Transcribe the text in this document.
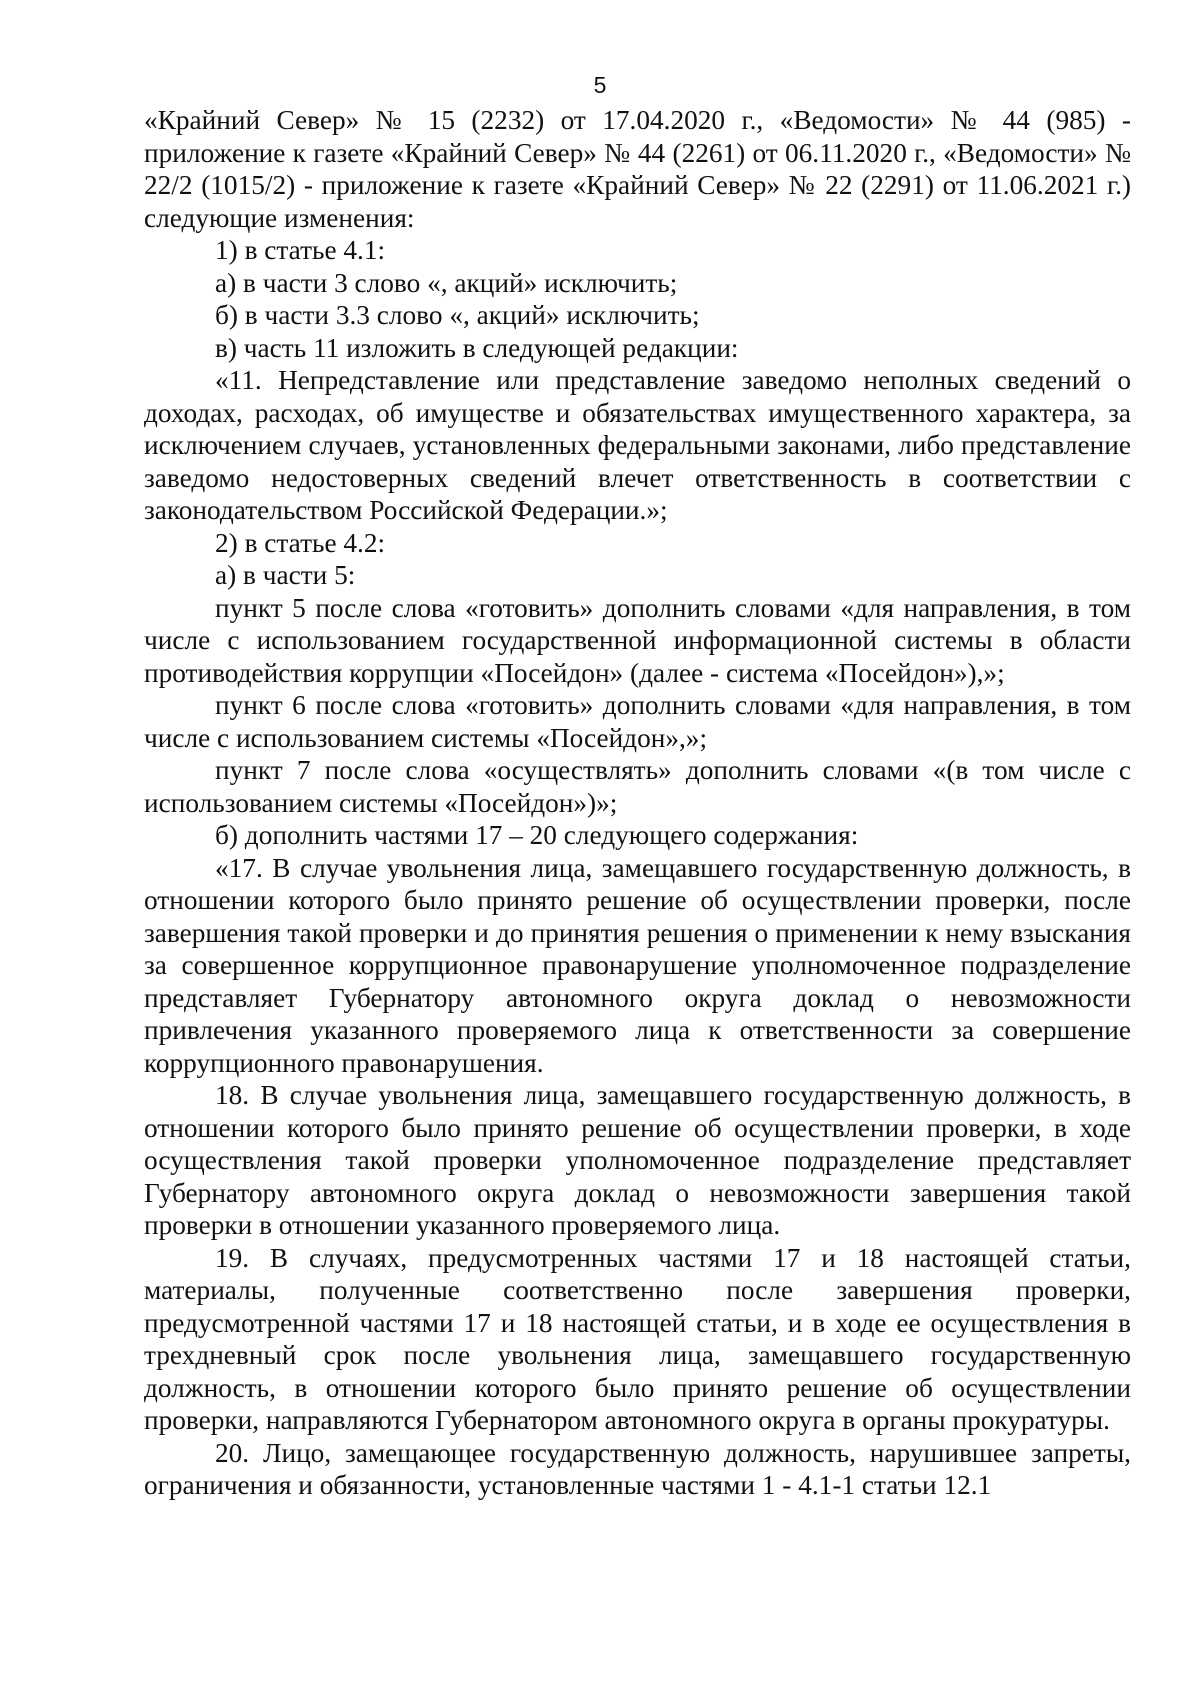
5

«Крайний Север» № 15 (2232) от 17.04.2020 г., «Ведомости» № 44 (985) - приложение к газете «Крайний Север» № 44 (2261) от 06.11.2020 г., «Ведомости» № 22/2 (1015/2) - приложение к газете «Крайний Север» № 22 (2291) от 11.06.2021 г.) следующие изменения:

1) в статье 4.1:

а) в части 3 слово «, акций» исключить;

б) в части 3.3 слово «, акций» исключить;

в) часть 11 изложить в следующей редакции:

«11. Непредставление или представление заведомо неполных сведений о доходах, расходах, об имуществе и обязательствах имущественного характера, за исключением случаев, установленных федеральными законами, либо представление заведомо недостоверных сведений влечет ответственность в соответствии с законодательством Российской Федерации.»;

2) в статье 4.2:

а) в части 5:

пункт 5 после слова «готовить» дополнить словами «для направления, в том числе с использованием государственной информационной системы в области противодействия коррупции «Посейдон» (далее - система «Посейдон»),»;

пункт 6 после слова «готовить» дополнить словами «для направления, в том числе с использованием системы «Посейдон»,»;

пункт 7 после слова «осуществлять» дополнить словами «(в том числе с использованием системы «Посейдон»)»;

б) дополнить частями 17 – 20 следующего содержания:

«17. В случае увольнения лица, замещавшего государственную должность, в отношении которого было принято решение об осуществлении проверки, после завершения такой проверки и до принятия решения о применении к нему взыскания за совершенное коррупционное правонарушение уполномоченное подразделение представляет Губернатору автономного округа доклад о невозможности привлечения указанного проверяемого лица к ответственности за совершение коррупционного правонарушения.

18. В случае увольнения лица, замещавшего государственную должность, в отношении которого было принято решение об осуществлении проверки, в ходе осуществления такой проверки уполномоченное подразделение представляет Губернатору автономного округа доклад о невозможности завершения такой проверки в отношении указанного проверяемого лица.

19. В случаях, предусмотренных частями 17 и 18 настоящей статьи, материалы, полученные соответственно после завершения проверки, предусмотренной частями 17 и 18 настоящей статьи, и в ходе ее осуществления в трехдневный срок после увольнения лица, замещавшего государственную должность, в отношении которого было принято решение об осуществлении проверки, направляются Губернатором автономного округа в органы прокуратуры.

20. Лицо, замещающее государственную должность, нарушившее запреты, ограничения и обязанности, установленные частями 1 - 4.1-1 статьи 12.1
